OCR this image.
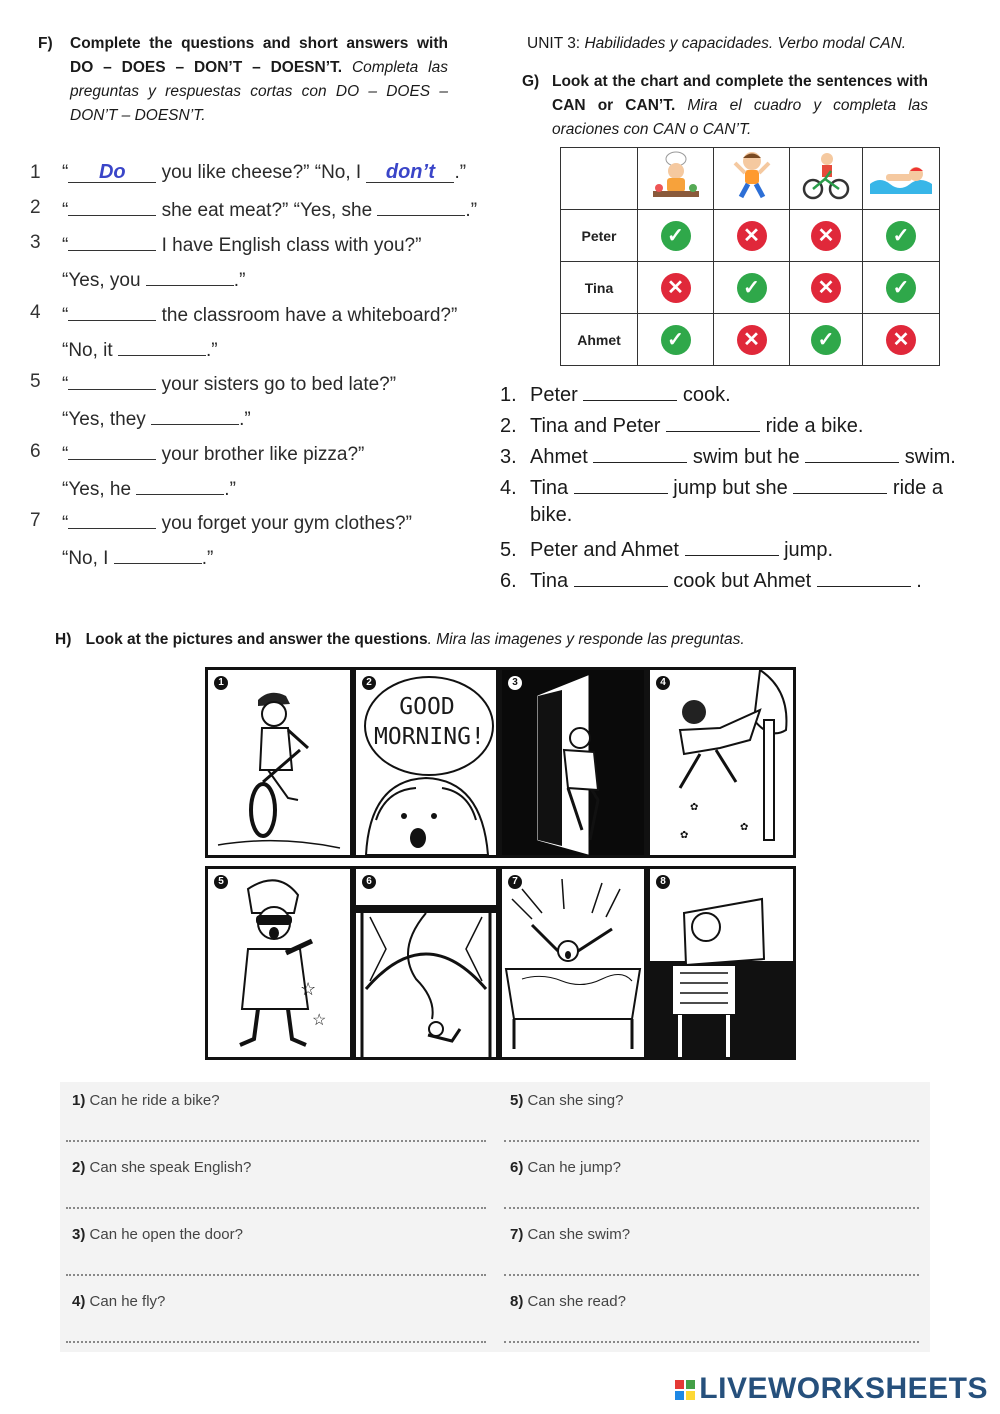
F)	Complete the questions and short answers with DO – DOES – DON’T – DOESN’T. Completa las preguntas y respuestas cortas con DO – DOES – DON’T – DOESN’T.
1 “ Do you like cheese?” “No, I don’t .”
2 “	she eat meat?” “Yes, she	.”
3 “	I have English class with you?”
“Yes, you	.”
4 “	the classroom have a whiteboard?”
“No, it	.”
5 “	your sisters go to bed late?”
“Yes, they	.”
6 “	your brother like pizza?”
“Yes, he	.”
7 “	you forget your gym clothes?”
“No, I	.”
UNIT 3: Habilidades y capacidades. Verbo modal CAN.
G) Look at the chart and complete the sentences with CAN or CAN’T. Mira el cuadro y completa las oraciones con CAN o CAN’T.

Peter	✓	✕	✕	✓
Tina	✕	✓	✕	✓
Ahmet	✓	✕	✓	✕
1. Peter	cook.
2. Tina and Peter	ride a bike.
3. Ahmet	swim but he	swim.
4. Tina	jump but she	ride a
bike.
5. Peter and Ahmet	jump.
6. Tina	cook but Ahmet	.
H) Look at the pictures and answer the questions. Mira las imagenes y responde las preguntas.
1	2
GOOD MORNING!
3	4
✿
✿
✿
5
☆
☆
6	7	8
1) Can he ride a bike?
2) Can she speak English?
3) Can he open the door?
4) Can he fly?
5) Can she sing?
6) Can he jump?
7) Can she swim?
8) Can she read?
LIVEWORKSHEETS
